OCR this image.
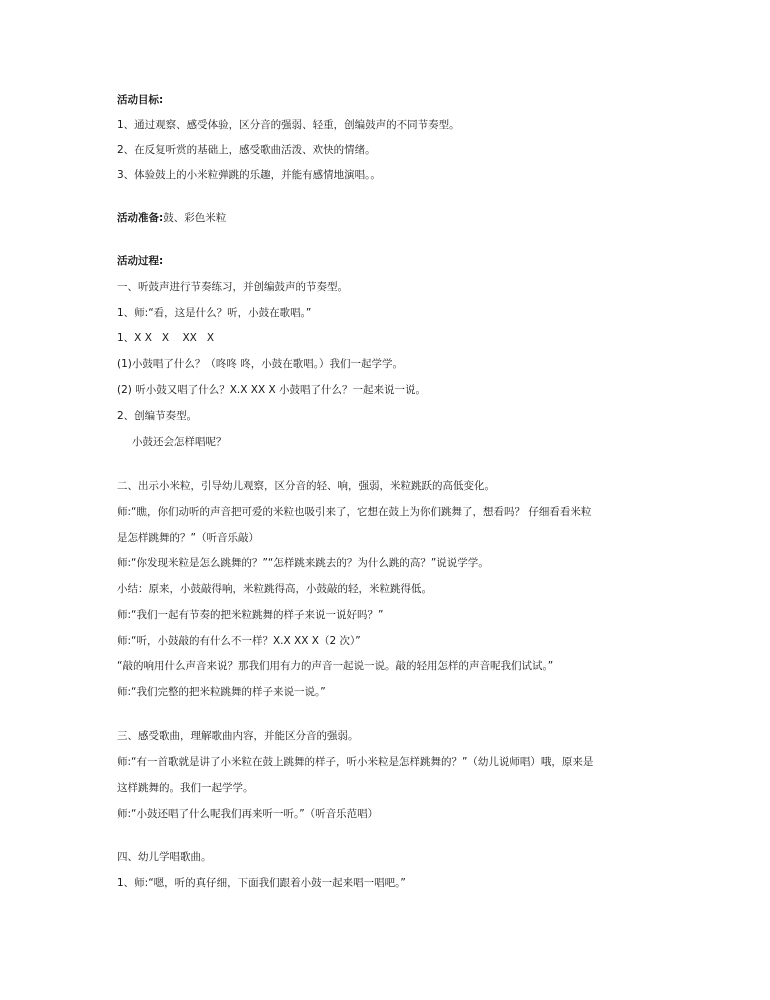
活动目标:
1、通过观察、感受体验，区分音的强弱、轻重，创编鼓声的不同节奏型。
2、在反复听赏的基础上，感受歌曲活泼、欢快的情绪。
3、体验鼓上的小米粒弹跳的乐趣，并能有感情地演唱。。
活动准备:鼓、彩色米粒
活动过程:
一、听鼓声进行节奏练习，并创编鼓声的节奏型。
1、师:“看，这是什么？听，小鼓在歌唱。”
1、X X   X    XX   X
(1)小鼓唱了什么？（咚咚 咚，小鼓在歌唱。）我们一起学学。
(2) 听小鼓又唱了什么？X.X XX X 小鼓唱了什么？一起来说一说。
2、创编节奏型。
小鼓还会怎样唱呢？
二、出示小米粒，引导幼儿观察，区分音的轻、响，强弱，米粒跳跃的高低变化。
师:“瞧，你们动听的声音把可爱的米粒也吸引来了，它想在鼓上为你们跳舞了，想看吗？ 仔细看看米粒
是怎样跳舞的？”（听音乐敲）
师:“你发现米粒是怎么跳舞的？”“怎样跳来跳去的？为什么跳的高？”说说学学。
小结：原来，小鼓敲得响，米粒跳得高，小鼓敲的轻，米粒跳得低。
师:“我们一起有节奏的把米粒跳舞的样子来说一说好吗？”
师:“听，小鼓敲的有什么不一样？X.X XX X（2 次）”
“敲的响用什么声音来说？那我们用有力的声音一起说一说。敲的轻用怎样的声音呢我们试试。”
师:“我们完整的把米粒跳舞的样子来说一说。”
三、感受歌曲，理解歌曲内容，并能区分音的强弱。
师:“有一首歌就是讲了小米粒在鼓上跳舞的样子，听小米粒是怎样跳舞的？”（幼儿说师唱）哦，原来是
这样跳舞的。我们一起学学。
师:“小鼓还唱了什么呢我们再来听一听。”（听音乐范唱）
四、幼儿学唱歌曲。
1、师:“嗯，听的真仔细，下面我们跟着小鼓一起来唱一唱吧。”
